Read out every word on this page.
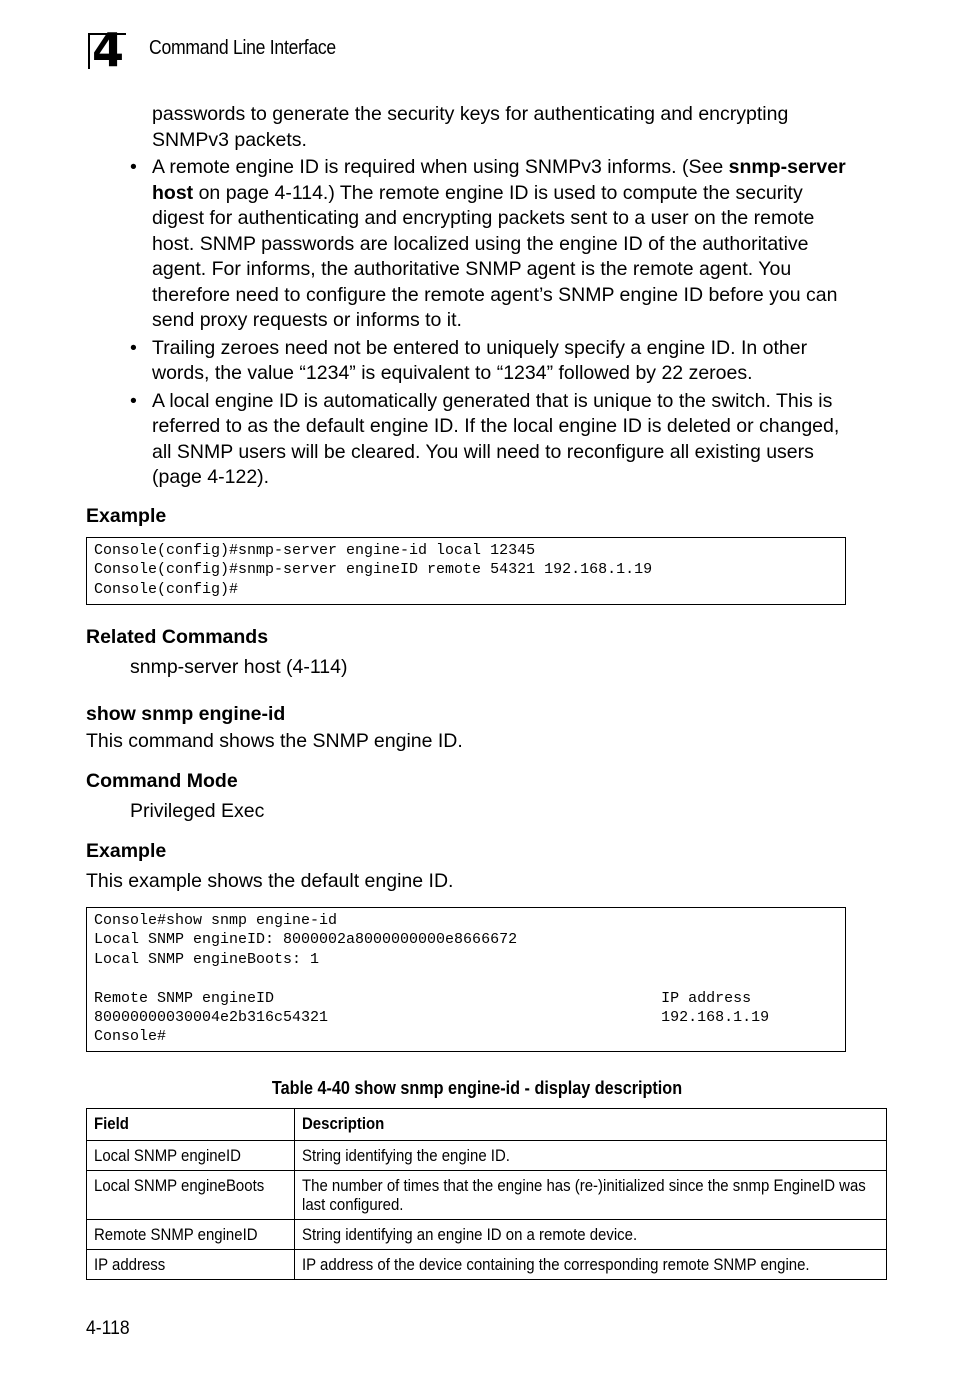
4 Command Line Interface
passwords to generate the security keys for authenticating and encrypting SNMPv3 packets.
• A remote engine ID is required when using SNMPv3 informs. (See snmp-server host on page 4-114.) The remote engine ID is used to compute the security digest for authenticating and encrypting packets sent to a user on the remote host. SNMP passwords are localized using the engine ID of the authoritative agent. For informs, the authoritative SNMP agent is the remote agent. You therefore need to configure the remote agent’s SNMP engine ID before you can send proxy requests or informs to it.
• Trailing zeroes need not be entered to uniquely specify a engine ID. In other words, the value “1234” is equivalent to “1234” followed by 22 zeroes.
• A local engine ID is automatically generated that is unique to the switch. This is referred to as the default engine ID. If the local engine ID is deleted or changed, all SNMP users will be cleared. You will need to reconfigure all existing users (page 4-122).
Example
Console(config)#snmp-server engine-id local 12345
Console(config)#snmp-server engineID remote 54321 192.168.1.19
Console(config)#
Related Commands
snmp-server host (4-114)
show snmp engine-id
This command shows the SNMP engine ID.
Command Mode
Privileged Exec
Example
This example shows the default engine ID.
Console#show snmp engine-id
Local SNMP engineID: 8000002a8000000000e8666672
Local SNMP engineBoots: 1

Remote SNMP engineID                                           IP address
80000000030004e2b316c54321                                     192.168.1.19
Console#
Table 4-40 show snmp engine-id - display description
Field	Description
Local SNMP engineID	String identifying the engine ID.
Local SNMP engineBoots	The number of times that the engine has (re-)initialized since the snmp EngineID was last configured.

Remote SNMP engineID	String identifying an engine ID on a remote device.
IP address	IP address of the device containing the corresponding remote SNMP engine.
4-118
